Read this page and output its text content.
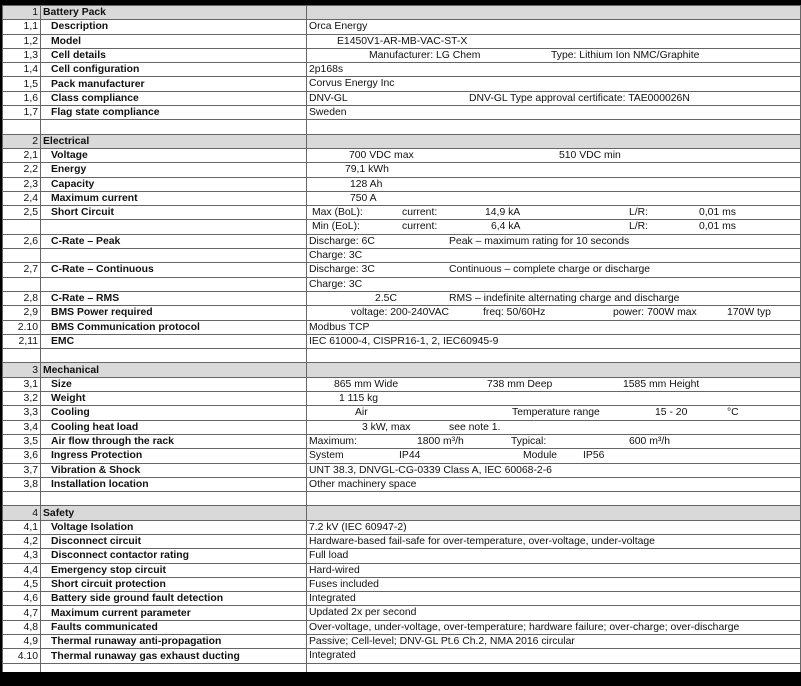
1	Battery Pack	
1,1	Description	Orca Energy

1,2	Model	E1450V1-AR-MB-VAC-ST-X

1,3	Cell details	Manufacturer: LG Chem Type: Lithium Ion NMC/Graphite

1,4	Cell configuration	2p168s

1,5	Pack manufacturer	Corvus Energy Inc

1,6	Class compliance	DNV-GL DNV-GL Type approval certificate: TAE000026N

1,7	Flag state compliance	Sweden

2	Electrical	
2,1	Voltage	700 VDC max 510 VDC min

2,2	Energy	79,1 kWh

2,3	Capacity	128 Ah

2,4	Maximum current	750 A

2,5	Short Circuit	Max (BoL): current: 14,9 kA L/R: 0,01 ms

		Min (EoL): current: 6,4 kA L/R: 0,01 ms

2,6	C-Rate – Peak	Discharge: 6C Peak – maximum rating for 10 seconds

		Charge: 3C

2,7	C-Rate – Continuous	Discharge: 3C Continuous – complete charge or discharge

		Charge: 3C

2,8	C-Rate – RMS	2.5C RMS – indefinite alternating charge and discharge

2,9	BMS Power required	voltage: 200-240VAC freq: 50/60Hz power: 700W max 170W typ

2.10	BMS Communication protocol	Modbus TCP

2,11	EMC	IEC 61000-4, CISPR16-1, 2, IEC60945-9

3	Mechanical	
3,1	Size	865 mm Wide 738 mm Deep 1585 mm Height

3,2	Weight	1 115 kg

3,3	Cooling	Air Temperature range 15 - 20 °C

3,4	Cooling heat load	3 kW, max see note 1.

3,5	Air flow through the rack	Maximum: 1800 m³/h Typical: 600 m³/h

3,6	Ingress Protection	System IP44 Module IP56

3,7	Vibration & Shock	UNT 38.3, DNVGL-CG-0339 Class A, IEC 60068-2-6

3,8	Installation location	Other machinery space

4	Safety	
4,1	Voltage Isolation	7.2 kV (IEC 60947-2)

4,2	Disconnect circuit	Hardware-based fail-safe for over-temperature, over-voltage, under-voltage

4,3	Disconnect contactor rating	Full load

4,4	Emergency stop circuit	Hard-wired

4,5	Short circuit protection	Fuses included

4,6	Battery side ground fault detection	Integrated

4,7	Maximum current parameter	Updated 2x per second

4,8	Faults communicated	Over-voltage, under-voltage, over-temperature; hardware failure; over-charge; over-discharge

4,9	Thermal runaway anti-propagation	Passive; Cell-level; DNV-GL Pt.6 Ch.2, NMA 2016 circular

4.10	Thermal runaway gas exhaust ducting	Integrated
